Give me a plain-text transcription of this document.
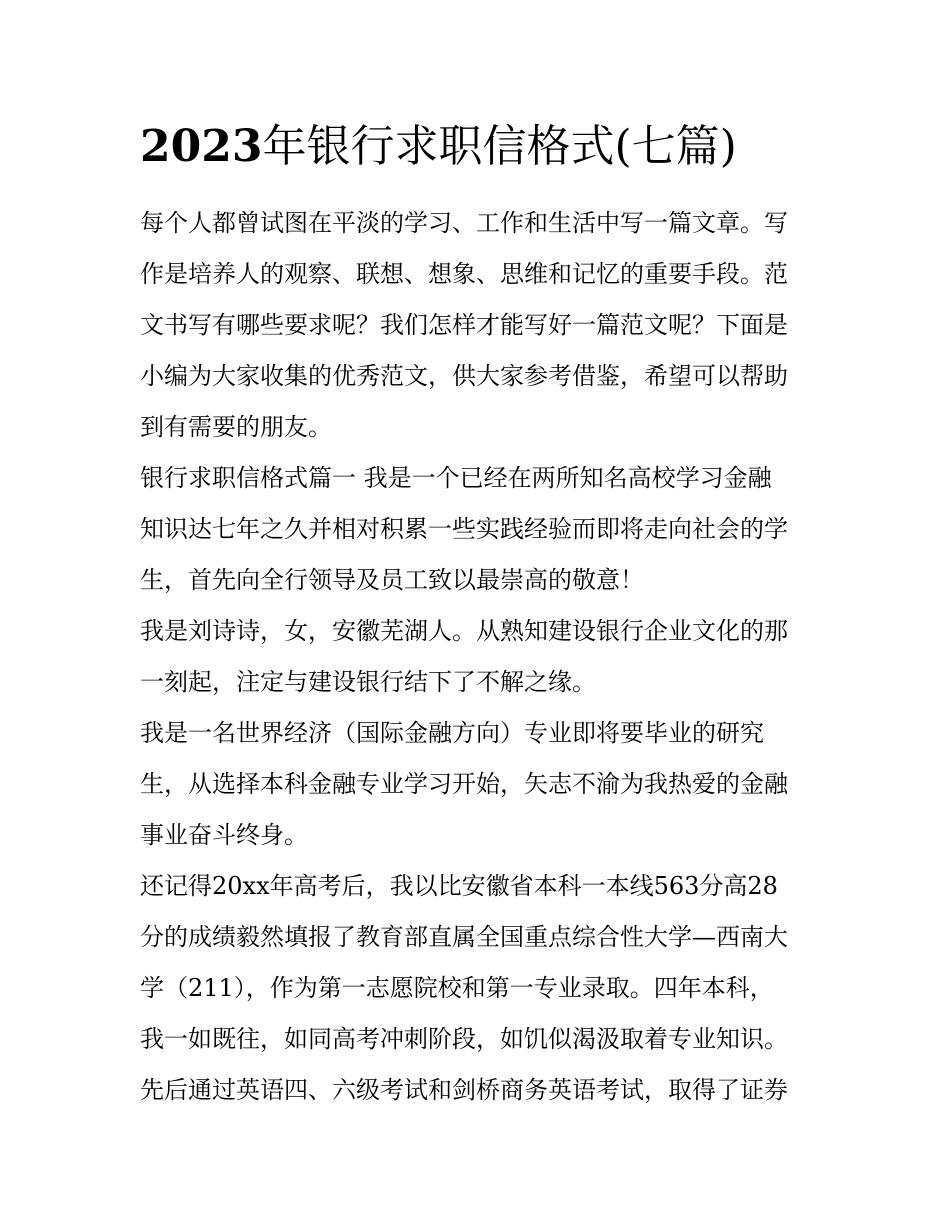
2023年银行求职信格式(七篇)
每个人都曾试图在平淡的学习、工作和生活中写一篇文章。写
作是培养人的观察、联想、想象、思维和记忆的重要手段。范
文书写有哪些要求呢？我们怎样才能写好一篇范文呢？下面是
小编为大家收集的优秀范文，供大家参考借鉴，希望可以帮助
到有需要的朋友。
银行求职信格式篇一 我是一个已经在两所知名高校学习金融
知识达七年之久并相对积累一些实践经验而即将走向社会的学
生，首先向全行领导及员工致以最崇高的敬意！
我是刘诗诗，女，安徽芜湖人。从熟知建设银行企业文化的那
一刻起，注定与建设银行结下了不解之缘。
我是一名世界经济（国际金融方向）专业即将要毕业的研究
生，从选择本科金融专业学习开始，矢志不渝为我热爱的金融
事业奋斗终身。
还记得20xx年高考后，我以比安徽省本科一本线563分高28
分的成绩毅然填报了教育部直属全国重点综合性大学—西南大
学（211），作为第一志愿院校和第一专业录取。四年本科，
我一如既往，如同高考冲刺阶段，如饥似渴汲取着专业知识。
先后通过英语四、六级考试和剑桥商务英语考试，取得了证券
